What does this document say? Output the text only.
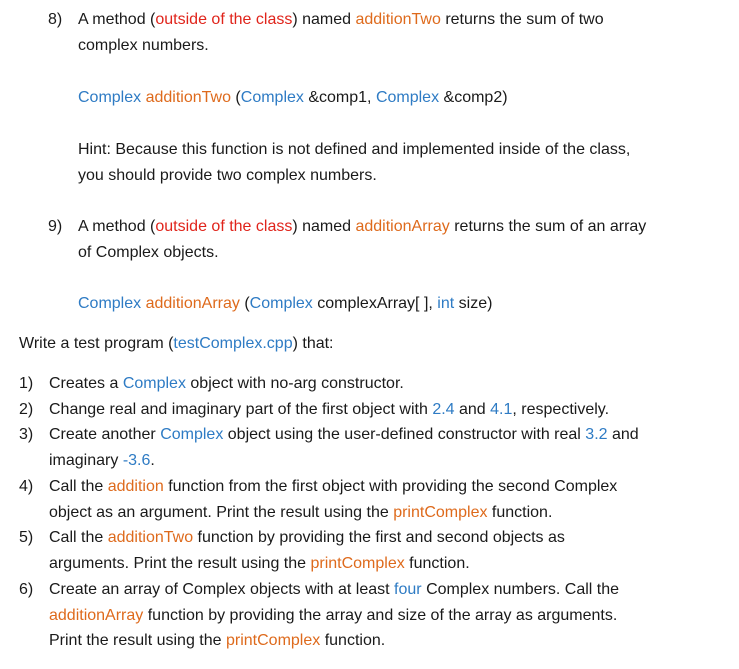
8) A method (outside of the class) named additionTwo returns the sum of two
complex numbers.
Complex additionTwo (Complex &comp1, Complex &comp2)
Hint: Because this function is not defined and implemented inside of the class,
you should provide two complex numbers.
9) A method (outside of the class) named additionArray returns the sum of an array
of Complex objects.
Complex additionArray (Complex complexArray[ ], int size)
Write a test program (testComplex.cpp) that:
1) Creates a Complex object with no-arg constructor.
2) Change real and imaginary part of the first object with 2.4 and 4.1, respectively.
3) Create another Complex object using the user-defined constructor with real 3.2 and
imaginary -3.6.
4) Call the addition function from the first object with providing the second Complex
object as an argument. Print the result using the printComplex function.
5) Call the additionTwo function by providing the first and second objects as
arguments. Print the result using the printComplex function.
6) Create an array of Complex objects with at least four Complex numbers. Call the
additionArray function by providing the array and size of the array as arguments.
Print the result using the printComplex function.
